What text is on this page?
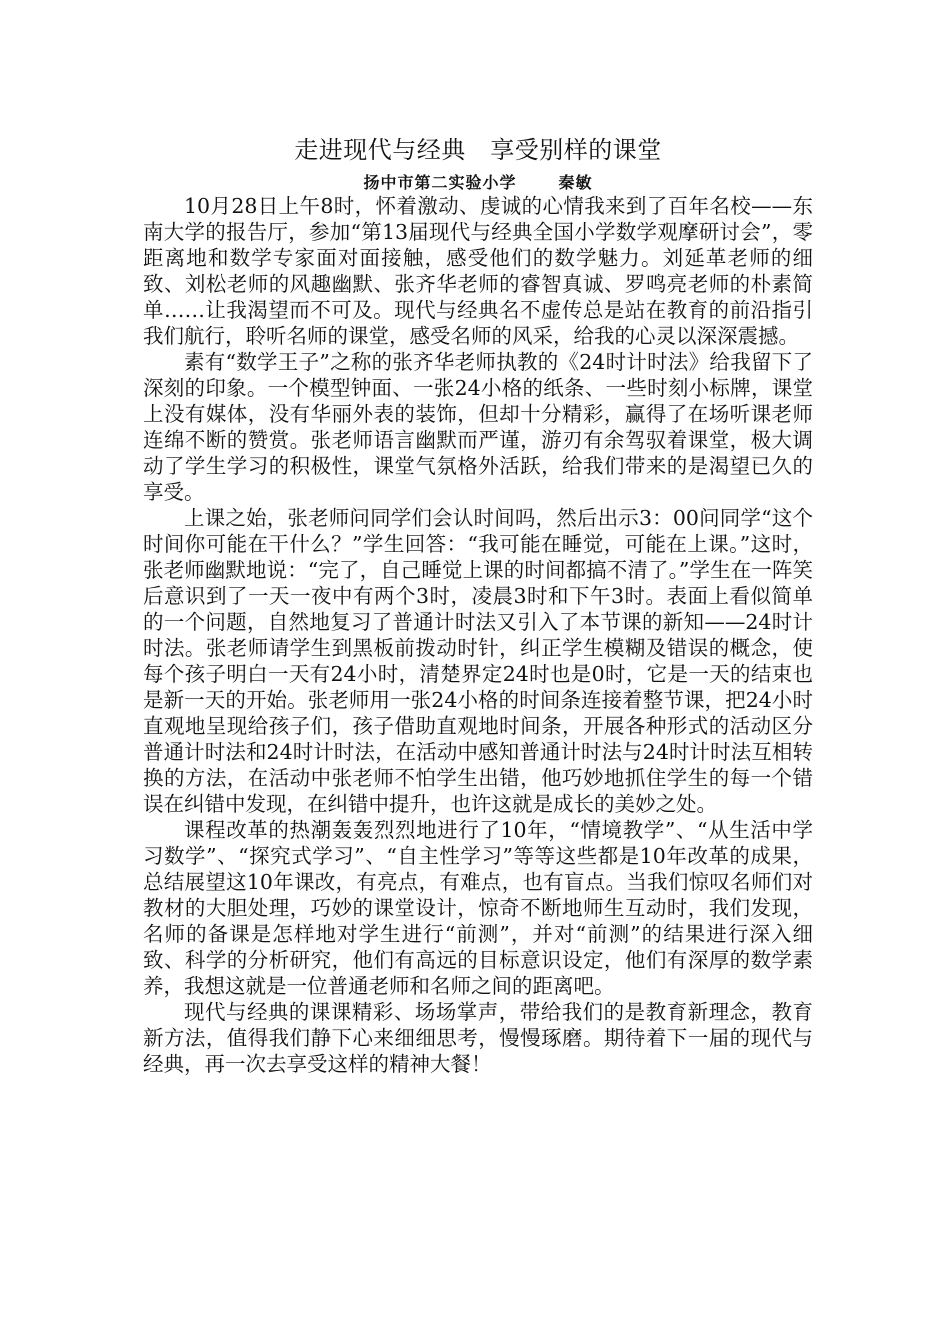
走进现代与经典　享受别样的课堂

扬中市第二实验小学	秦敏

10月28日上午8时，怀着激动、虔诚的心情我来到了百年名校——东南大学的报告厅，参加“第13届现代与经典全国小学数学观摩研讨会”，零距离地和数学专家面对面接触，感受他们的数学魅力。刘延革老师的细致、刘松老师的风趣幽默、张齐华老师的睿智真诚、罗鸣亮老师的朴素简单……让我渴望而不可及。现代与经典名不虚传总是站在教育的前沿指引我们航行，聆听名师的课堂，感受名师的风采，给我的心灵以深深震撼。

素有“数学王子”之称的张齐华老师执教的《24时计时法》给我留下了深刻的印象。一个模型钟面、一张24小格的纸条、一些时刻小标牌，课堂上没有媒体，没有华丽外表的装饰，但却十分精彩，赢得了在场听课老师连绵不断的赞赏。张老师语言幽默而严谨，游刃有余驾驭着课堂，极大调动了学生学习的积极性，课堂气氛格外活跃，给我们带来的是渴望已久的享受。

上课之始，张老师问同学们会认时间吗，然后出示3：00问同学“这个时间你可能在干什么？”学生回答：“我可能在睡觉，可能在上课。”这时，张老师幽默地说：“完了，自己睡觉上课的时间都搞不清了。”学生在一阵笑后意识到了一天一夜中有两个3时，凌晨3时和下午3时。表面上看似简单的一个问题，自然地复习了普通计时法又引入了本节课的新知——24时计时法。张老师请学生到黑板前拨动时针，纠正学生模糊及错误的概念，使每个孩子明白一天有24小时，清楚界定24时也是0时，它是一天的结束也是新一天的开始。张老师用一张24小格的时间条连接着整节课，把24小时直观地呈现给孩子们，孩子借助直观地时间条，开展各种形式的活动区分普通计时法和24时计时法，在活动中感知普通计时法与24时计时法互相转换的方法，在活动中张老师不怕学生出错，他巧妙地抓住学生的每一个错误在纠错中发现，在纠错中提升，也许这就是成长的美妙之处。

课程改革的热潮轰轰烈烈地进行了10年，“情境教学”、“从生活中学习数学”、“探究式学习”、“自主性学习”等等这些都是10年改革的成果，总结展望这10年课改，有亮点，有难点，也有盲点。当我们惊叹名师们对教材的大胆处理，巧妙的课堂设计，惊奇不断地师生互动时，我们发现，名师的备课是怎样地对学生进行“前测”，并对“前测”的结果进行深入细致、科学的分析研究，他们有高远的目标意识设定，他们有深厚的数学素养，我想这就是一位普通老师和名师之间的距离吧。

现代与经典的课课精彩、场场掌声，带给我们的是教育新理念，教育新方法，值得我们静下心来细细思考，慢慢琢磨。期待着下一届的现代与经典，再一次去享受这样的精神大餐！
